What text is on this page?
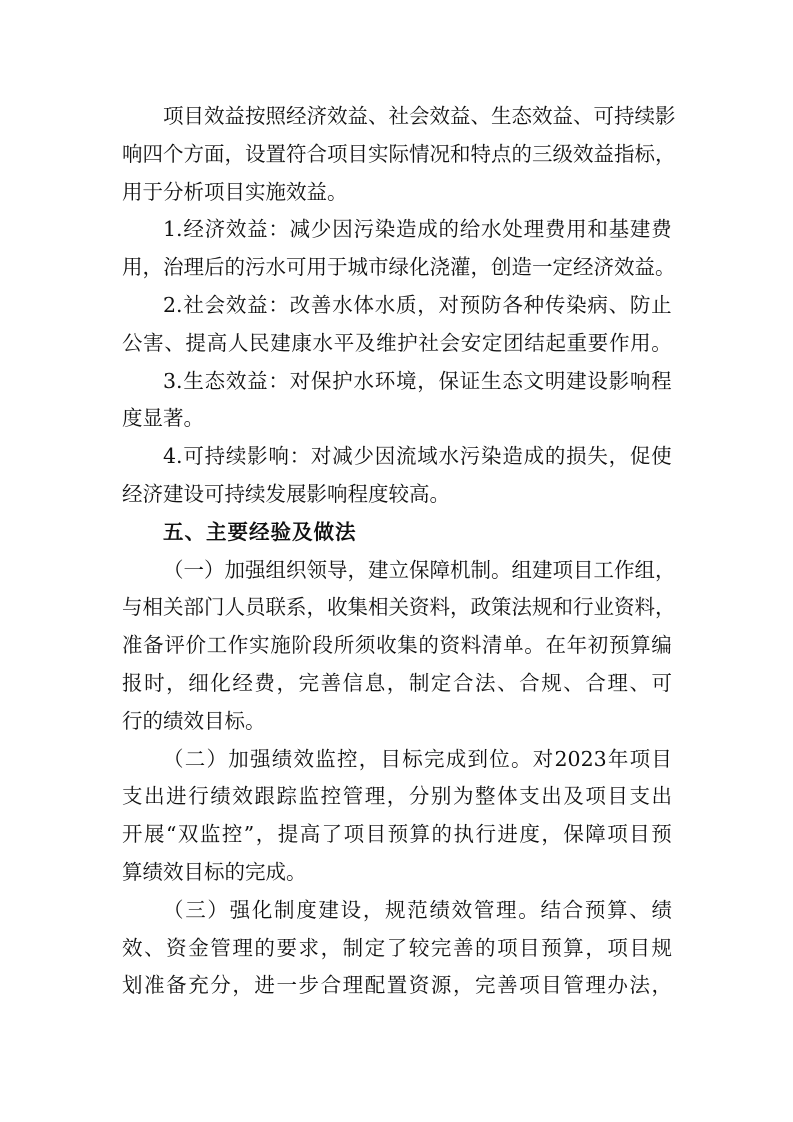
项 目 效 益 按 照 经 济 效 益 、 社 会 效 益 、 生 态 效 益 、 可 持 续 影
响 四 个 方 面 ， 设 置 符 合 项 目 实 际 情 况 和 特 点 的 三 级 效 益 指 标 ，
用 于 分 析 项 目 实 施 效 益 。
1. 经 济 效 益 ： 减 少 因 污 染 造 成 的 给 水 处 理 费 用 和 基 建 费
用 ， 治 理 后 的 污 水 可 用 于 城 市 绿 化 浇 灌 ， 创 造 一 定 经 济 效 益 。
2. 社 会 效 益 ： 改 善 水 体 水 质 ， 对 预 防 各 种 传 染 病 、 防 止
公 害 、 提 高 人 民 建 康 水 平 及 维 护 社 会 安 定 团 结 起 重 要 作 用 。
3. 生 态 效 益 ： 对 保 护 水 环 境 ， 保 证 生 态 文 明 建 设 影 响 程
度 显 著 。
4. 可 持 续 影 响 ： 对 减 少 因 流 域 水 污 染 造 成 的 损 失 ， 促 使
经 济 建 设 可 持 续 发 展 影 响 程 度 较 高 。
五 、 主 要 经 验 及 做 法
（ 一 ） 加 强 组 织 领 导 ， 建 立 保 障 机 制 。 组 建 项 目 工 作 组 ，
与 相 关 部 门 人 员 联 系 ， 收 集 相 关 资 料 ， 政 策 法 规 和 行 业 资 料 ，
准 备 评 价 工 作 实 施 阶 段 所 须 收 集 的 资 料 清 单 。 在 年 初 预 算 编
报 时 ， 细 化 经 费 ， 完 善 信 息 ， 制 定 合 法 、 合 规 、 合 理 、 可
行 的 绩 效 目 标 。
（ 二 ） 加 强 绩 效 监 控 ， 目 标 完 成 到 位 。 对 2023 年 项 目
支 出 进 行 绩 效 跟 踪 监 控 管 理 ， 分 别 为 整 体 支 出 及 项 目 支 出
开 展 “ 双 监 控 ” ， 提 高 了 项 目 预 算 的 执 行 进 度 ， 保 障 项 目 预
算 绩 效 目 标 的 完 成 。
（ 三 ） 强 化 制 度 建 设 ， 规 范 绩 效 管 理 。 结 合 预 算 、 绩
效 、 资 金 管 理 的 要 求 ， 制 定 了 较 完 善 的 项 目 预 算 ， 项 目 规
划 准 备 充 分 ， 进 一 步 合 理 配 置 资 源 ， 完 善 项 目 管 理 办 法 ，
